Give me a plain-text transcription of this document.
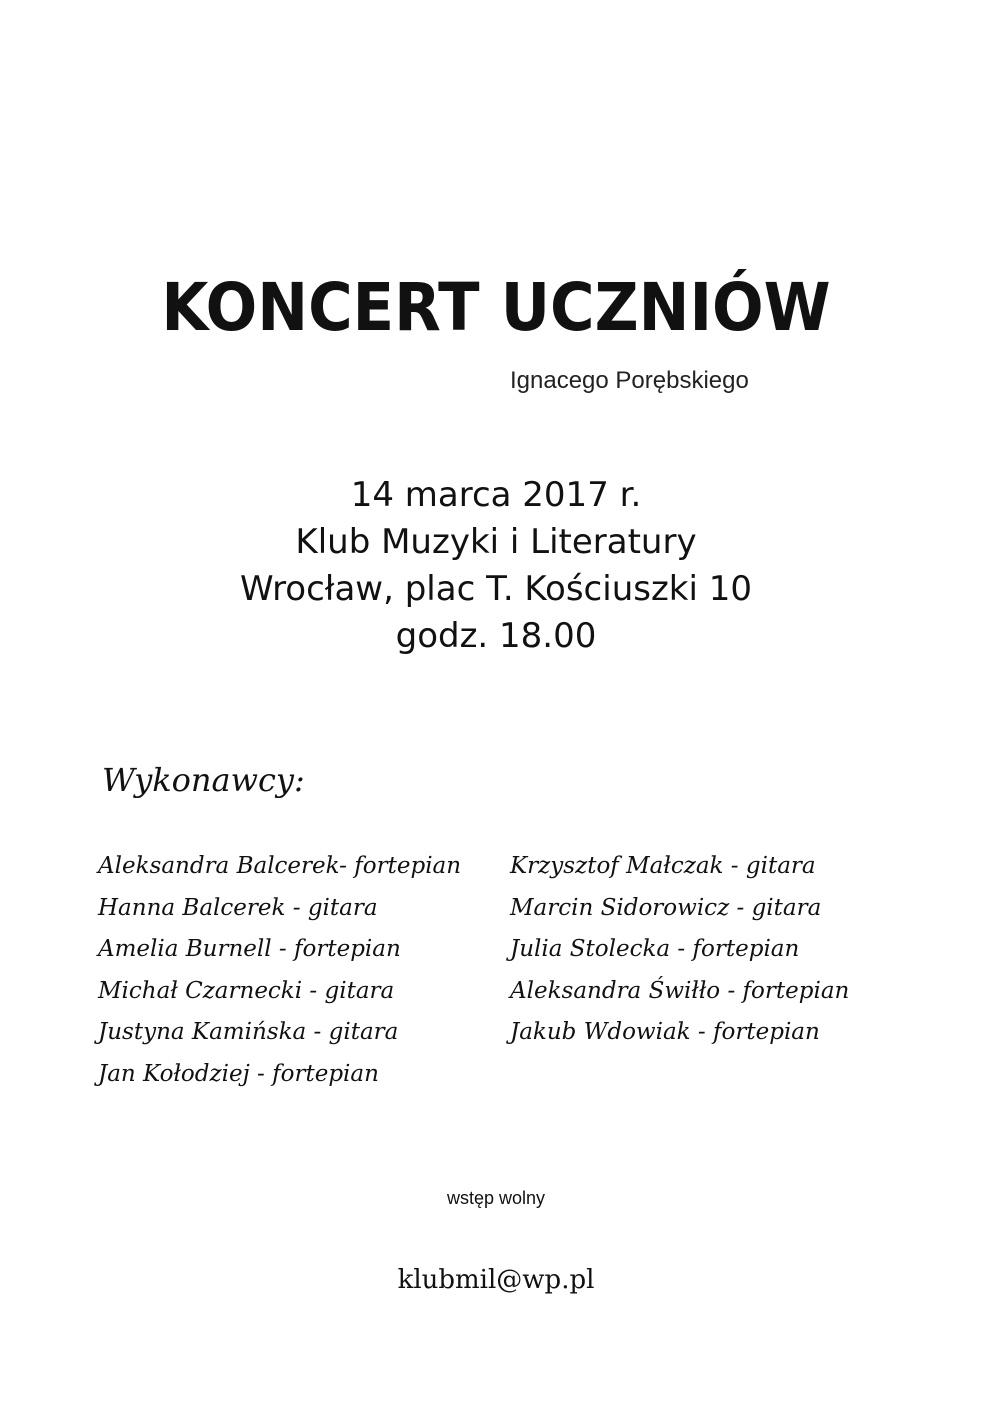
KONCERT UCZNIÓW
Ignacego Porębskiego
14 marca 2017 r.
Klub Muzyki i Literatury
Wrocław, plac T. Kościuszki 10
godz. 18.00
Wykonawcy:
Aleksandra Balcerek- fortepian
Hanna Balcerek - gitara
Amelia Burnell - fortepian
Michał Czarnecki - gitara
Justyna Kamińska - gitara
Jan Kołodziej - fortepian
Krzysztof Małczak - gitara
Marcin Sidorowicz - gitara
Julia Stolecka - fortepian
Aleksandra Świłło - fortepian
Jakub Wdowiak - fortepian
wstęp wolny
klubmil@wp.pl
